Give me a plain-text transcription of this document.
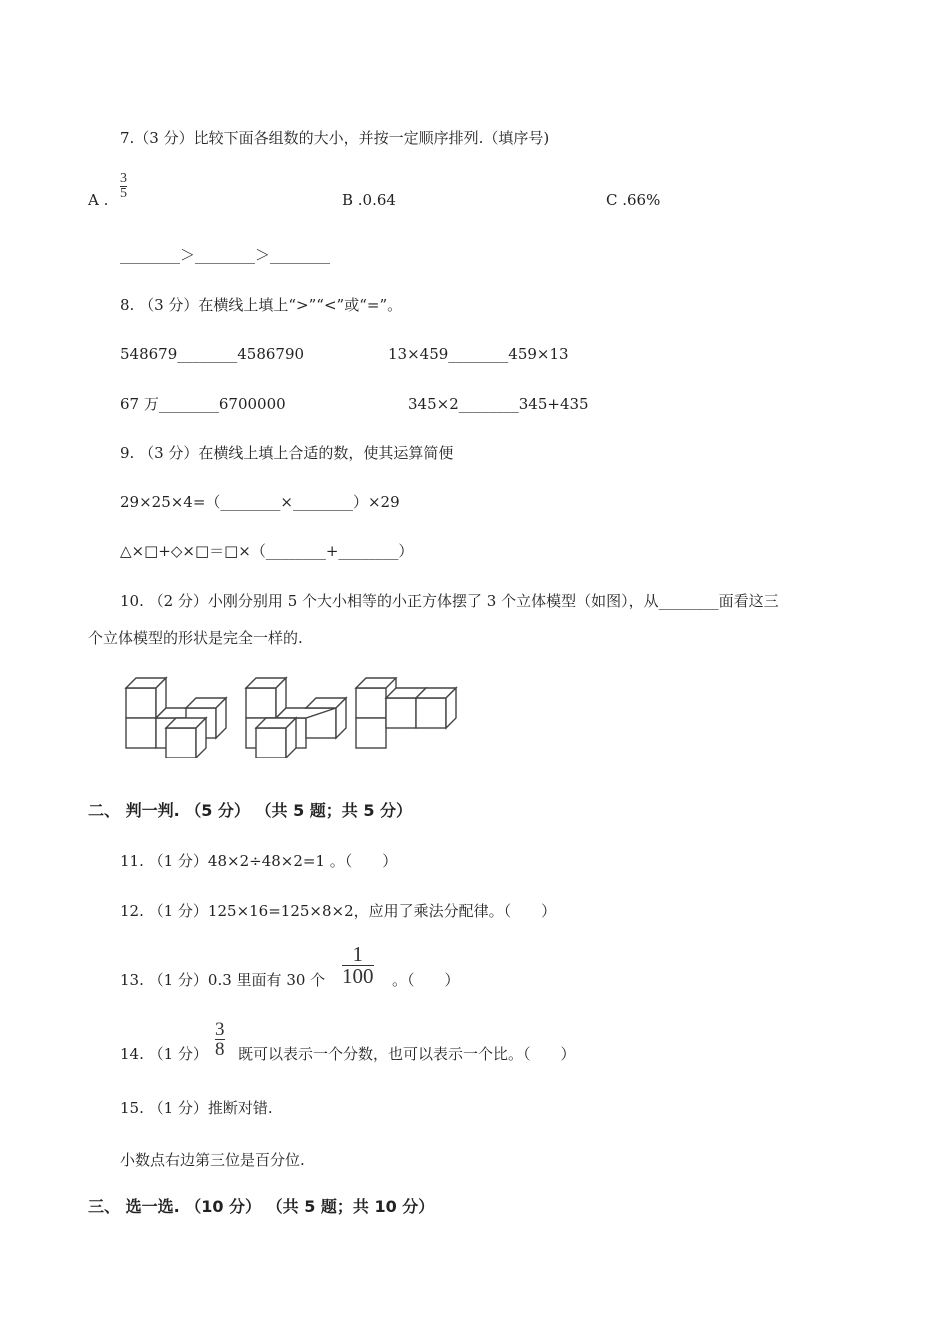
7.（3 分）比较下面各组数的大小，并按一定顺序排列.（填序号)
A .
3
5	B .0.64	C .66%
________＞________＞________
8. （3 分）在横线上填上“>”“<”或“=”。
548679________4586790	13×459________459×13
67 万________6700000	345×2________345+435
9. （3 分）在横线上填上合适的数，使其运算简便
29×25×4=（________×________）×29
△×□+◇×□＝□×（________+________）
10. （2 分）小刚分别用 5 个大小相等的小正方体摆了 3 个立体模型（如图），从________面看这三
个立体模型的形状是完全一样的.
二、 判一判. （5 分） （共 5 题；共 5 分）
11. （1 分）48×2÷48×2=1 。（　　）
12. （1 分）125×16=125×8×2，应用了乘法分配律。（　　）
13. （1 分）0.3 里面有 30 个
1
100 。（　　）
14. （1 分）
3
8 既可以表示一个分数，也可以表示一个比。（　　）
15. （1 分）推断对错.
小数点右边第三位是百分位.
三、 选一选. （10 分） （共 5 题；共 10 分）
